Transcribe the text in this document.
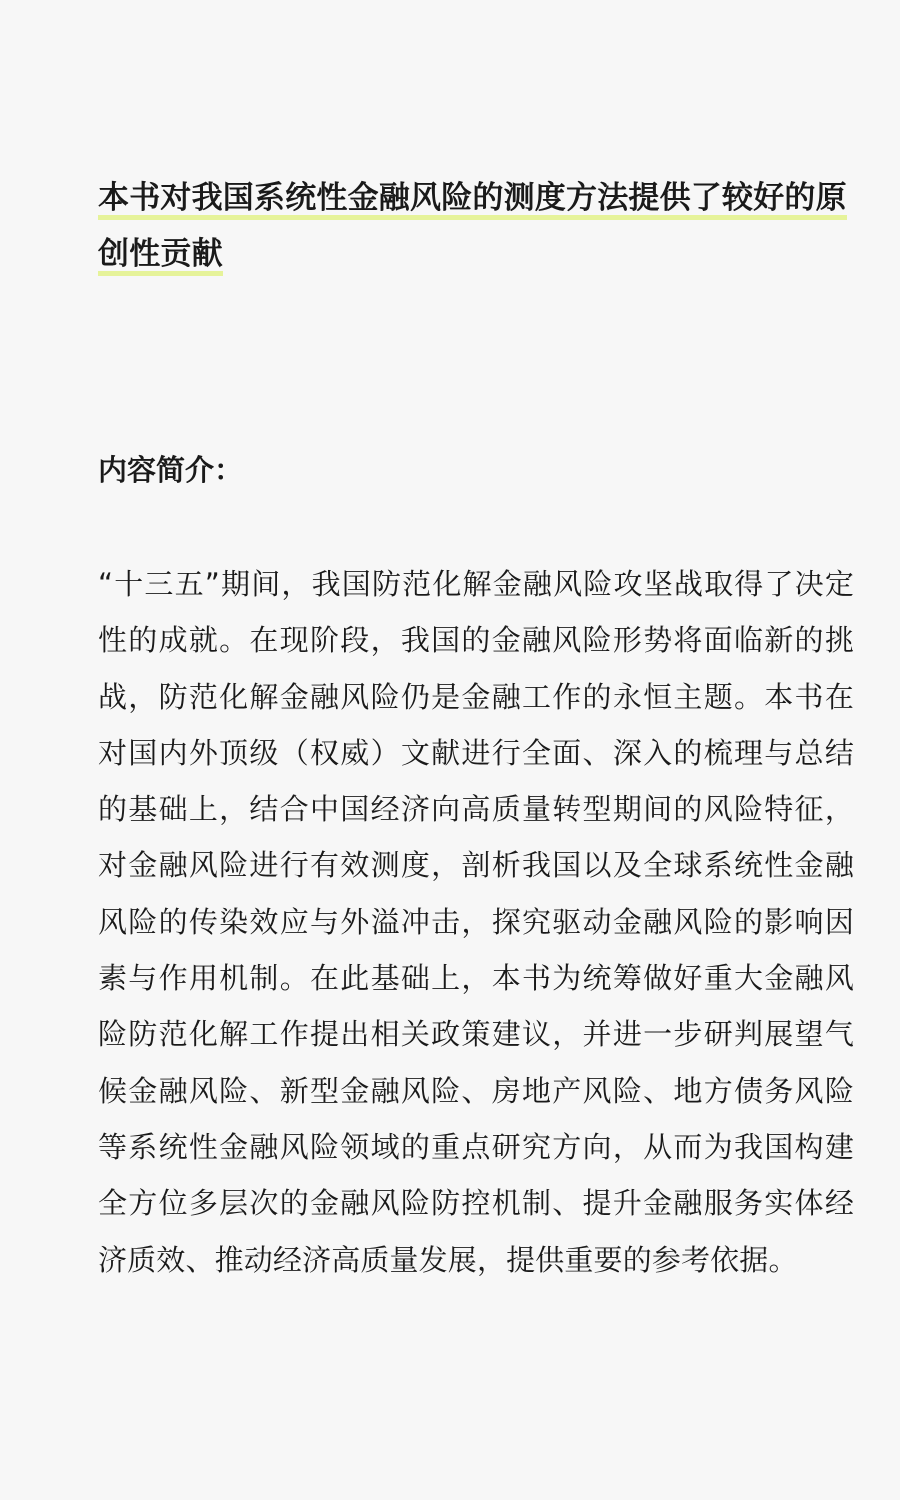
本书对我国系统性金融风险的测度方法提供了较好的原创性贡献
内容简介：

“十三五”期间，我国防范化解金融风险攻坚战取得了决定性的成就。在现阶段，我国的金融风险形势将面临新的挑战，防范化解金融风险仍是金融工作的永恒主题。本书在对国内外顶级（权威）文献进行全面、深入的梳理与总结的基础上，结合中国经济向高质量转型期间的风险特征，对金融风险进行有效测度，剖析我国以及全球系统性金融风险的传染效应与外溢冲击，探究驱动金融风险的影响因素与作用机制。在此基础上，本书为统筹做好重大金融风险防范化解工作提出相关政策建议，并进一步研判展望气候金融风险、新型金融风险、房地产风险、地方债务风险等系统性金融风险领域的重点研究方向，从而为我国构建全方位多层次的金融风险防控机制、提升金融服务实体经济质效、推动经济高质量发展，提供重要的参考依据。
